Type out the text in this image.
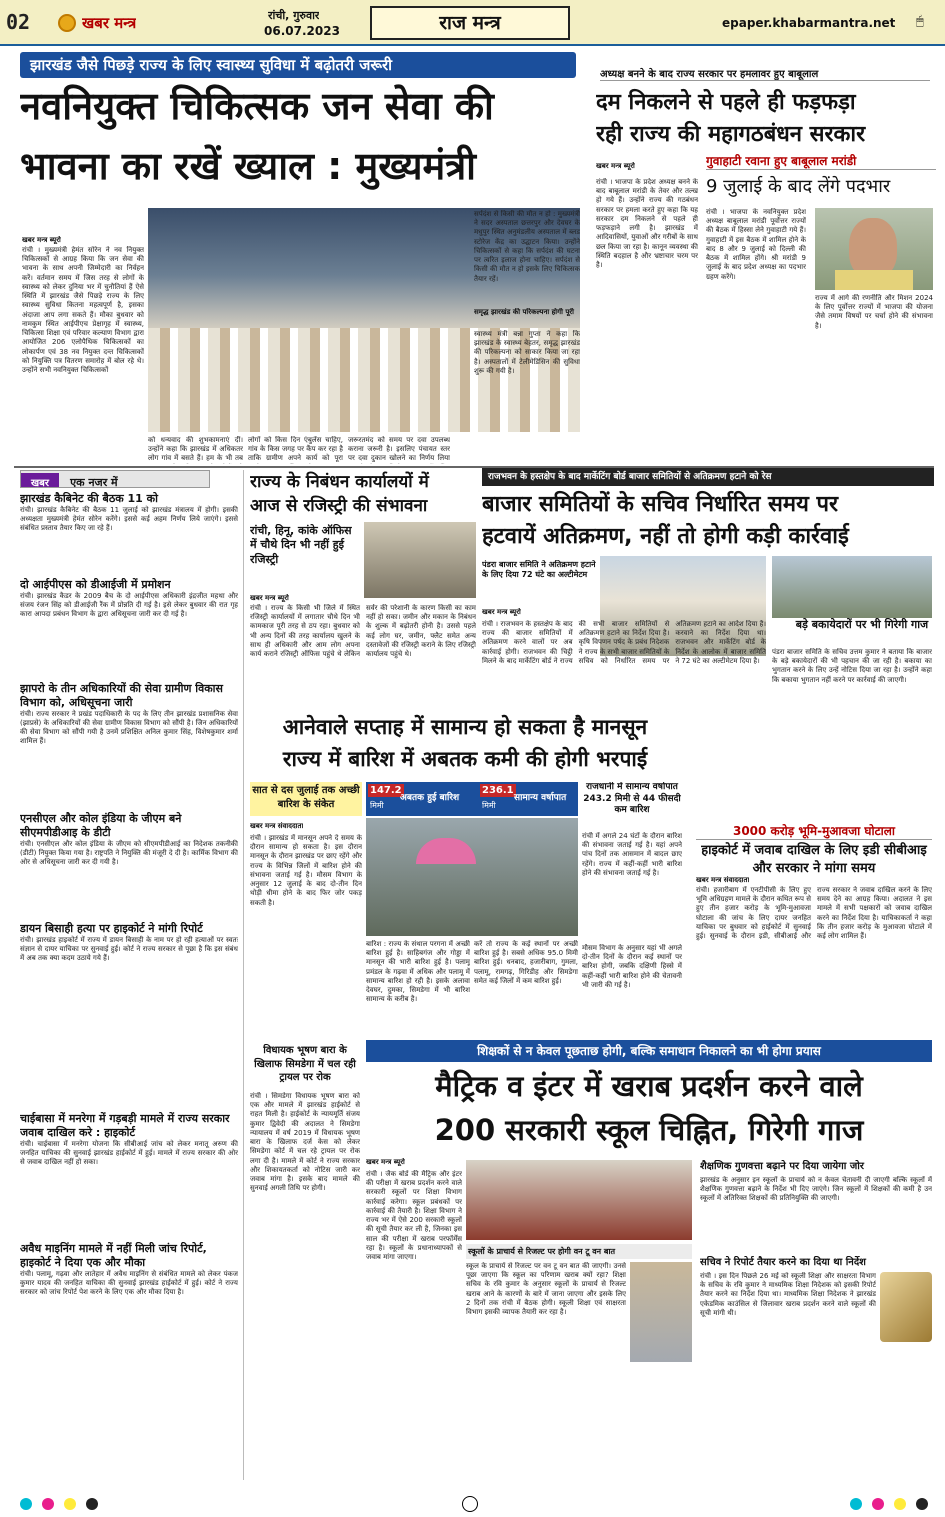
02	खबर मन्त्र	रांची, गुरुवार
06.07.2023	राज मन्त्र	epaper.khabarmantra.net 🖱
झारखंड जैसे पिछड़े राज्य के लिए स्वास्थ्य सुविधा में बढ़ोतरी जरूरी
नवनियुक्त चिकित्सक जन सेवा की
भावना का रखें ख्याल : मुख्यमंत्री
खबर मन्त्र ब्यूरो
रांची । मुख्यमंत्री हेमंत सोरेन ने नव नियुक्त चिकित्सकों से आग्रह किया कि जन सेवा की भावना के साथ अपनी जिम्मेदारी का निर्वहन करें। वर्तमान समय में जिस तरह से लोगों के स्वास्थ्य को लेकर दुनिया भर में चुनौतियां हैं ऐसे स्थिति में झारखंड जैसे पिछड़े राज्य के लिए स्वास्थ्य सुविधा कितना महत्वपूर्ण है, इसका अंदाजा आप लगा सकते हैं। मौका बुधवार को नामकुम स्थित आईपीएच प्रेक्षागृह में स्वास्थ्य, चिकित्सा शिक्षा एवं परिवार कल्याण विभाग द्वारा आयोजित 206 एलोपैथिक चिकित्सकों का लोकार्पण एवं 38 नव नियुक्त दन्त चिकित्सकों को नियुक्ति पत्र वितरण समारोह में बोल रहे थे। उन्होंने सभी नवनियुक्त चिकित्सकों
को धन्यवाद की शुभकामनाएं दीं। उन्होंने कहा कि झारखंड में अधिकतर लोग गांव में बसते हैं। हम के भी तब
लोगों को किस दिन एंबुलेंस चाहिए, गांव के किस जगह पर कैंप कर रहा है ताकि ग्रामीण अपने कार्य को पूरा
जरूरतमंद को समय पर दवा उपलब्ध कराना जरूरी है। इसलिए पंचायत स्तर पर दवा दुकान खोलने का निर्णय लिया
सर्पदंश से किसी की मौत न हो : मुख्यमंत्री ने सदर अस्पताल छत्तरपुर और देवघर के मधुपुर स्थित अनुमंडलीय अस्पताल में ब्लड स्टोरेज केंद्र का उद्घाटन किया। उन्होंने चिकित्सकों से कहा कि सर्पदंश की घटना पर त्वरित इलाज होना चाहिए। सर्पदंश से किसी की मौत न हो इसके लिए चिकित्सक तैयार रहें।
समृद्ध झारखंड की परिकल्पना होगी पूरी
स्वास्थ्य मंत्री बन्ना गुप्ता ने कहा कि झारखंड के स्वास्थ्य बेहतर, समृद्ध झारखंड की परिकल्पना को साकार किया जा रहा है। अस्पतालों में टेलीमेडिसिन की सुविधा शुरू की गयी है।
अध्यक्ष बनने के बाद राज्य सरकार पर हमलावर हुए बाबूलाल
दम निकलने से पहले ही फड़फड़ा
रही राज्य की महागठबंधन सरकार
गुवाहाटी रवाना हुए बाबूलाल मरांडी
खबर मन्त्र ब्यूरो
रांची । भाजपा के प्रदेश अध्यक्ष बनने के बाद बाबूलाल मरांडी के तेवर और तल्ख हो गये हैं। उन्होंने राज्य की गठबंधन सरकार पर हमला करते हुए कहा कि यह सरकार दम निकलने से पहले ही फड़फड़ाने लगी है। झारखंड में आदिवासियों, युवाओं और गरीबों के साथ छल किया जा रहा है। कानून व्यवस्था की स्थिति बदहाल है और भ्रष्टाचार चरम पर है।
9 जुलाई के बाद लेंगे पदभार
रांची । भाजपा के नवनियुक्त प्रदेश अध्यक्ष बाबूलाल मरांडी पूर्वोत्तर राज्यों की बैठक में हिस्सा लेने गुवाहाटी गये हैं। गुवाहाटी में इस बैठक में शामिल होने के बाद 8 और 9 जुलाई को दिल्ली की बैठक में शामिल होंगे। श्री मरांडी 9 जुलाई के बाद प्रदेश अध्यक्ष का पदभार ग्रहण करेंगे।
राज्य में आगे की रणनीति और मिशन 2024 के लिए पूर्वोत्तर राज्यों में भाजपा की योजना जैसे तमाम विषयों पर चर्चा होने की संभावना है।
खबर एक नजर में
झारखंड कैबिनेट की बैठक 11 को
रांची। झारखंड कैबिनेट की बैठक 11 जुलाई को झारखंड मंत्रालय में होगी। इसकी अध्यक्षता मुख्यमंत्री हेमंत सोरेन करेंगे। इससे कई अहम निर्णय लिये जाएंगे। इससे संबंधित प्रस्ताव तैयार किए जा रहे हैं।
दो आईपीएस को डीआईजी में प्रमोशन
रांची। झारखंड कैडर के 2009 बैच के दो आईपीएस अधिकारी इंद्रजीत महथा और संजय रंजन सिंह को डीआईजी रैंक में प्रोन्नति दी गई है। इसे लेकर बुधवार की रात गृह कारा आपदा प्रबंधन विभाग के द्वारा अधिसूचना जारी कर दी गई है।
झापरो के तीन अधिकारियों की सेवा ग्रामीण विकास विभाग को, अधिसूचना जारी
रांची। राज्य सरकार ने प्रखंड पदाधिकारी के पद के लिए तीन झारखंड प्रशासनिक सेवा (झाप्रसे) के अधिकारियों की सेवा ग्रामीण विकास विभाग को सौंपी है। जिन अधिकारियों की सेवा विभाग को सौंपी गयी है उनमें प्रशिक्षित अनिल कुमार सिंह, विशेषकुमार शर्मा शामिल हैं।
एनसीएल और कोल इंडिया के जीएम बने सीएमपीडीआइ के डीटी
रांची। एनसीएल और कोल इंडिया के जीएम को सीएमपीडीआई का निदेशक तकनीकी (डीटी) नियुक्त किया गया है। राष्ट्रपति ने नियुक्ति की मंजूरी दे दी है। कार्मिक विभाग की ओर से अधिसूचना जारी कर दी गयी है।
डायन बिसाही हत्या पर हाइकोर्ट ने मांगी रिपोर्ट
रांची। झारखंड हाइकोर्ट में राज्य में डायन बिसाही के नाम पर हो रही हत्याओं पर स्वतः संज्ञान से दायर याचिका पर सुनवाई हुई। कोर्ट ने राज्य सरकार से पूछा है कि इस संबंध में अब तक क्या कदम उठाये गये हैं।
चाईबासा में मनरेगा में गड़बड़ी मामले में राज्य सरकार जवाब दाखिल करे : हाइकोर्ट
रांची। चाईबासा में मनरेगा योजना कि सीबीआई जांच को लेकर मनातू अरुण की जनहित याचिका की सुनवाई झारखंड हाईकोर्ट में हुई। मामले में राज्य सरकार की ओर से जवाब दाखिल नहीं हो सका।
अवैध माइनिंग मामले में नहीं मिली जांच रिपोर्ट, हाइकोर्ट ने दिया एक और मौका
रांची। पलामू, गढ़वा और लातेहार में अवैध माइनिंग से संबंधित मामले को लेकर पंकज कुमार यादव की जनहित याचिका की सुनवाई झारखंड हाईकोर्ट में हुई। कोर्ट ने राज्य सरकार को जांच रिपोर्ट पेश करने के लिए एक और मौका दिया है।
राज्य के निबंधन कार्यालयों में
आज से रजिस्ट्री की संभावना
रांची, हिनू, कांके ऑफिस में चौथे दिन भी नहीं हुई रजिस्ट्री
खबर मन्त्र ब्यूरो
रांची । राज्य के किसी भी जिले में स्थित रजिस्ट्री कार्यालयों में लगातार चौथे दिन भी कामकाज पूरी तरह से ठप रहा। बुधवार को भी अन्य दिनों की तरह कार्यालय खुलने के साथ ही अधिकारी और आम लोग अपना कार्य कराने रजिस्ट्री ऑफिस पहुंचे थे लेकिन सर्वर की परेशानी के कारण किसी का काम नहीं हो सका। जमीन और मकान के निबंधन के शुल्क में बढ़ोतरी होनी है। उससे पहले कई लोग घर, जमीन, फ्लैट समेत अन्य दस्तावेजों की रजिस्ट्री कराने के लिए रजिस्ट्री कार्यालय पहुंचे थे।
राजभवन के हस्तक्षेप के बाद मार्केटिंग बोर्ड बाजार समितियों से अतिक्रमण हटाने को रेस
बाजार समितियों के सचिव निर्धारित समय पर
हटवायें अतिक्रमण, नहीं तो होगी कड़ी कार्रवाई
पंडरा बाजार समिति ने अतिक्रमण हटाने के लिए दिया 72 घंटे का अल्टीमेटम
खबर मन्त्र ब्यूरो
रांची । राजभवन के हस्तक्षेप के बाद राज्य की बाजार समितियों में अतिक्रमण करने वालों पर अब कार्रवाई होगी। राजभवन की चिट्ठी मिलने के बाद मार्केटिंग बोर्ड ने राज्य की सभी बाजार समितियों से अतिक्रमण हटाने का निर्देश दिया है। कृषि विपणन पर्षद के प्रबंध निदेशक ने राज्य के सभी बाजार समितियों के सचिव को निर्धारित समय पर अतिक्रमण हटाने का आदेश दिया है। करवाने का निर्देश दिया था। राजभवन और मार्केटिंग बोर्ड के निर्देश के आलोक में बाजार समिति ने 72 घंटे का अल्टीमेटम दिया है।
बड़े बकायेदारों पर भी गिरेगी गाज
पंडरा बाजार समिति के सचिव उत्तम कुमार ने बताया कि बाजार के बड़े बकायेदारों की भी पहचान की जा रही है। बकाया का भुगतान करने के लिए उन्हें नोटिस दिया जा रहा है। उन्होंने कहा कि बकाया भुगतान नहीं करने पर कार्रवाई की जाएगी।
आनेवाले सप्ताह में सामान्य हो सकता है मानसून
राज्य में बारिश में अबतक कमी की होगी भरपाई
सात से दस जुलाई तक अच्छी बारिश के संकेत
147.2
मिमी
अबतक हुई बारिश
236.1
मिमी
सामान्य वर्षापात
राजधानी में सामान्य वर्षापात 243.2 मिमी से 44 फीसदी कम बारिश
खबर मन्त्र संवाददाता
रांची । झारखंड में मानसून अपने दे समय के दौरान सामान्य हो सकता है। इस दौरान मानसून के दौरान झारखंड पर छाए रहेंगे और राज्य के विभिन्न जिलों में बारिश होने की संभावना जताई गई है। मौसम विभाग के अनुसार 12 जुलाई के बाद दो-तीन दिन थोड़ी धीमा होने के बाद फिर जोर पकड़ सकती है।
बारिश : राज्य के संथाल परगना में अच्छी बारिश हुई है। साहिबगंज और गोड्डा में मानसून की भारी बारिश हुई है। पलामू प्रमंडल के गढ़वा में अधिक और पलामू में सामान्य बारिश हो रही है। इसके अलावा देवघर, दुमका, सिमडेगा में भी बारिश सामान्य के करीब है।
करें तो राज्य के कई स्थानों पर अच्छी बारिश हुई है। सबसे अधिक 95.0 मिमी बारिश हुई। धनबाद, हजारीबाग, गुमला, पलामू, रामगढ़, गिरिडीह और सिमडेगा समेत कई जिलों में कम बारिश हुई।
रांची में अगले 24 घंटों के दौरान बारिश की संभावना जताई गई है। यहां अपने पांच दिनों तक आसमान में बादल छाए रहेंगे। राज्य में कहीं-कहीं भारी बारिश होने की संभावना जताई गई है।
मौसम विभाग के अनुसार यहां भी अगले दो-तीन दिनों के दौरान कई स्थानों पर बारिश होगी, जबकि दक्षिणी हिस्से में कहीं-कहीं भारी बारिश होने की चेतावनी भी जारी की गई है।
3000 करोड़ भूमि-मुआवजा घोटाला
हाइकोर्ट में जवाब दाखिल के लिए इडी सीबीआइ और सरकार ने मांगा समय
खबर मन्त्र संवाददाता
रांची। हजारीबाग में एनटीपीसी के लिए हुए भूमि अधिग्रहण मामले के दौरान कथित रूप से हुए तीन हजार करोड़ के भूमि-मुआवजा घोटाला की जांच के लिए दायर जनहित याचिका पर बुधवार को हाईकोर्ट में सुनवाई हुई। सुनवाई के दौरान इडी, सीबीआई और राज्य सरकार ने जवाब दाखिल करने के लिए समय देने का आग्रह किया। अदालत ने इस मामले में सभी पक्षकारों को जवाब दाखिल करने का निर्देश दिया है। याचिकाकर्ता ने कहा कि तीन हजार करोड़ के मुआवजा घोटाले में कई लोग शामिल हैं।
विधायक भूषण बारा के खिलाफ सिमडेगा में चल रही ट्रायल पर रोक
रांची । सिमडेगा विधायक भूषण बारा को एक और मामले में झारखंड हाईकोर्ट से राहत मिली है। हाईकोर्ट के न्यायमूर्ति संजय कुमार द्विवेदी की अदालत ने सिमडेगा न्यायालय में वर्ष 2019 में विधायक भूषण बारा के खिलाफ दर्ज केस को लेकर सिमडेगा कोर्ट में चल रहे ट्रायल पर रोक लगा दी है। मामले में कोर्ट ने राज्य सरकार और शिकायतकर्ता को नोटिस जारी कर जवाब मांगा है। इसके बाद मामले की सुनवाई अगली तिथि पर होगी।
शिक्षकों से न केवल पूछताछ होगी, बल्कि समाधान निकालने का भी होगा प्रयास
मैट्रिक व इंटर में खराब प्रदर्शन करने वाले
200 सरकारी स्कूल चिह्नित, गिरेगी गाज
खबर मन्त्र ब्यूरो
रांची । जैक बोर्ड की मैट्रिक और इंटर की परीक्षा में खराब प्रदर्शन करने वाले सरकारी स्कूलों पर शिक्षा विभाग कार्रवाई करेगा। स्कूल प्रबंधकों पर कार्रवाई की तैयारी है। शिक्षा विभाग ने राज्य भर में ऐसे 200 सरकारी स्कूलों की सूची तैयार कर ली है, जिनका इस साल की परीक्षा में खराब परफॉर्मेंस रहा है। स्कूलों के प्रधानाध्यापकों से जवाब मांगा जाएगा।
स्कूलों के प्राचार्य से रिजल्ट पर होगी वन टू वन बात
स्कूल के प्राचार्य से रिजल्ट पर वन टू वन बात की जाएगी। उनसे पूछा जाएगा कि स्कूल का परिणाम खराब क्यों रहा? शिक्षा सचिव के रवि कुमार के अनुसार स्कूलों के प्राचार्य से रिजल्ट खराब आने के कारणों के बारे में जाना जाएगा और इसके लिए 2 दिनों तक रांची में बैठक होगी। स्कूली शिक्षा एवं साक्षरता विभाग इसकी व्यापक तैयारी कर रहा है।
शैक्षणिक गुणवत्ता बढ़ाने पर दिया जायेगा जोर
झारखंड के अनुसार इन स्कूलों के प्राचार्य को न केवल चेतावनी दी जाएगी बल्कि स्कूलों में शैक्षणिक गुणवत्ता बढ़ाने के निर्देश भी दिए जाएंगे। जिन स्कूलों में शिक्षकों की कमी है उन स्कूलों में अतिरिक्त शिक्षकों की प्रतिनियुक्ति की जाएगी।
सचिव ने रिपोर्ट तैयार करने का दिया था निर्देश
रांची । इस दिन पिछले 26 मई को स्कूली शिक्षा और साक्षरता विभाग के सचिव के रवि कुमार ने माध्यमिक शिक्षा निदेशक को इसकी रिपोर्ट तैयार करने का निर्देश दिया था। माध्यमिक शिक्षा निदेशक ने झारखंड एकेडमिक काउंसिल से जिलावार खराब प्रदर्शन करने वाले स्कूलों की सूची मांगी थी।
